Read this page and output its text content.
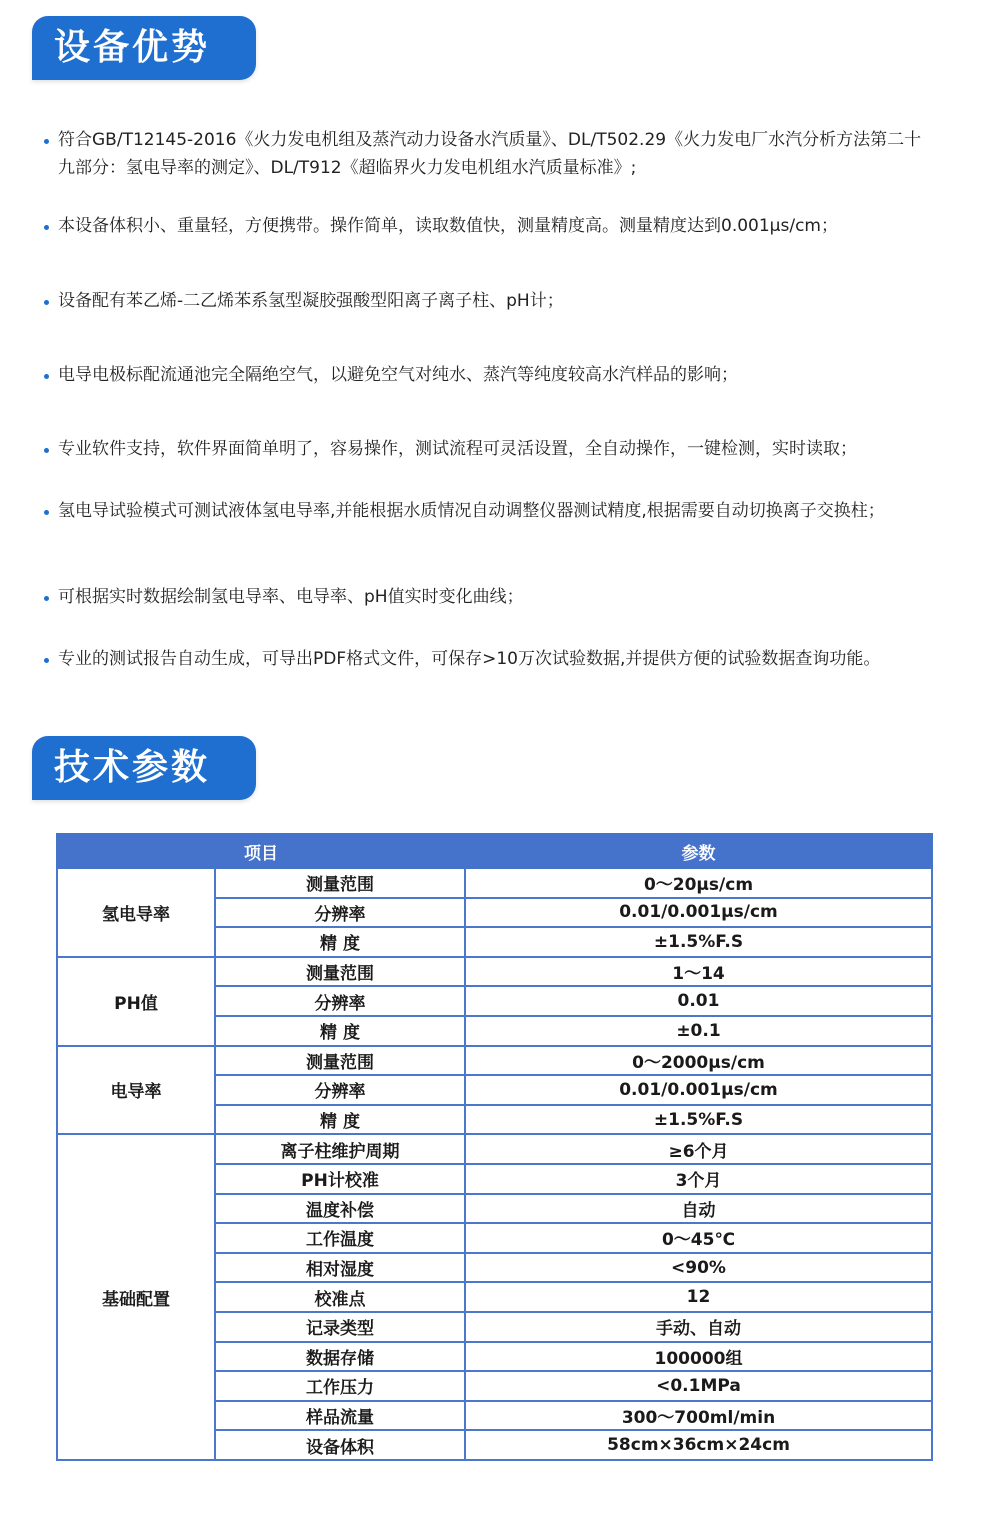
设备优势
符合GB/T12145-2016《火力发电机组及蒸汽动力设备水汽质量》、DL/T502.29《火力发电厂水汽分析方法第二十九部分：氢电导率的测定》、DL/T912《超临界火力发电机组水汽质量标准》;
本设备体积小、重量轻，方便携带。操作简单，读取数值快，测量精度高。测量精度达到0.001μs/cm；
设备配有苯乙烯-二乙烯苯系氢型凝胶强酸型阳离子离子柱、pH计；
电导电极标配流通池完全隔绝空气，以避免空气对纯水、蒸汽等纯度较高水汽样品的影响；
专业软件支持，软件界面简单明了，容易操作，测试流程可灵活设置，全自动操作，一键检测，实时读取；
氢电导试验模式可测试液体氢电导率,并能根据水质情况自动调整仪器测试精度,根据需要自动切换离子交换柱；
可根据实时数据绘制氢电导率、电导率、pH值实时变化曲线；
专业的测试报告自动生成，可导出PDF格式文件，可保存>10万次试验数据,并提供方便的试验数据查询功能。
技术参数
项目		参数
氢电导率	测量范围	0～20μs/cm
	分辨率	0.01/0.001μs/cm
	精 度	±1.5%F.S
PH值	测量范围	1～14
	分辨率	0.01
	精 度	±0.1
电导率	测量范围	0～2000μs/cm
	分辨率	0.01/0.001μs/cm
	精 度	±1.5%F.S
基础配置	离子柱维护周期	≥6个月
	PH计校准	3个月
	温度补偿	自动
	工作温度	0～45℃
	相对湿度	<90%
	校准点	12
	记录类型	手动、自动
	数据存储	100000组
	工作压力	<0.1MPa
	样品流量	300～700ml/min
	设备体积	58cm×36cm×24cm
